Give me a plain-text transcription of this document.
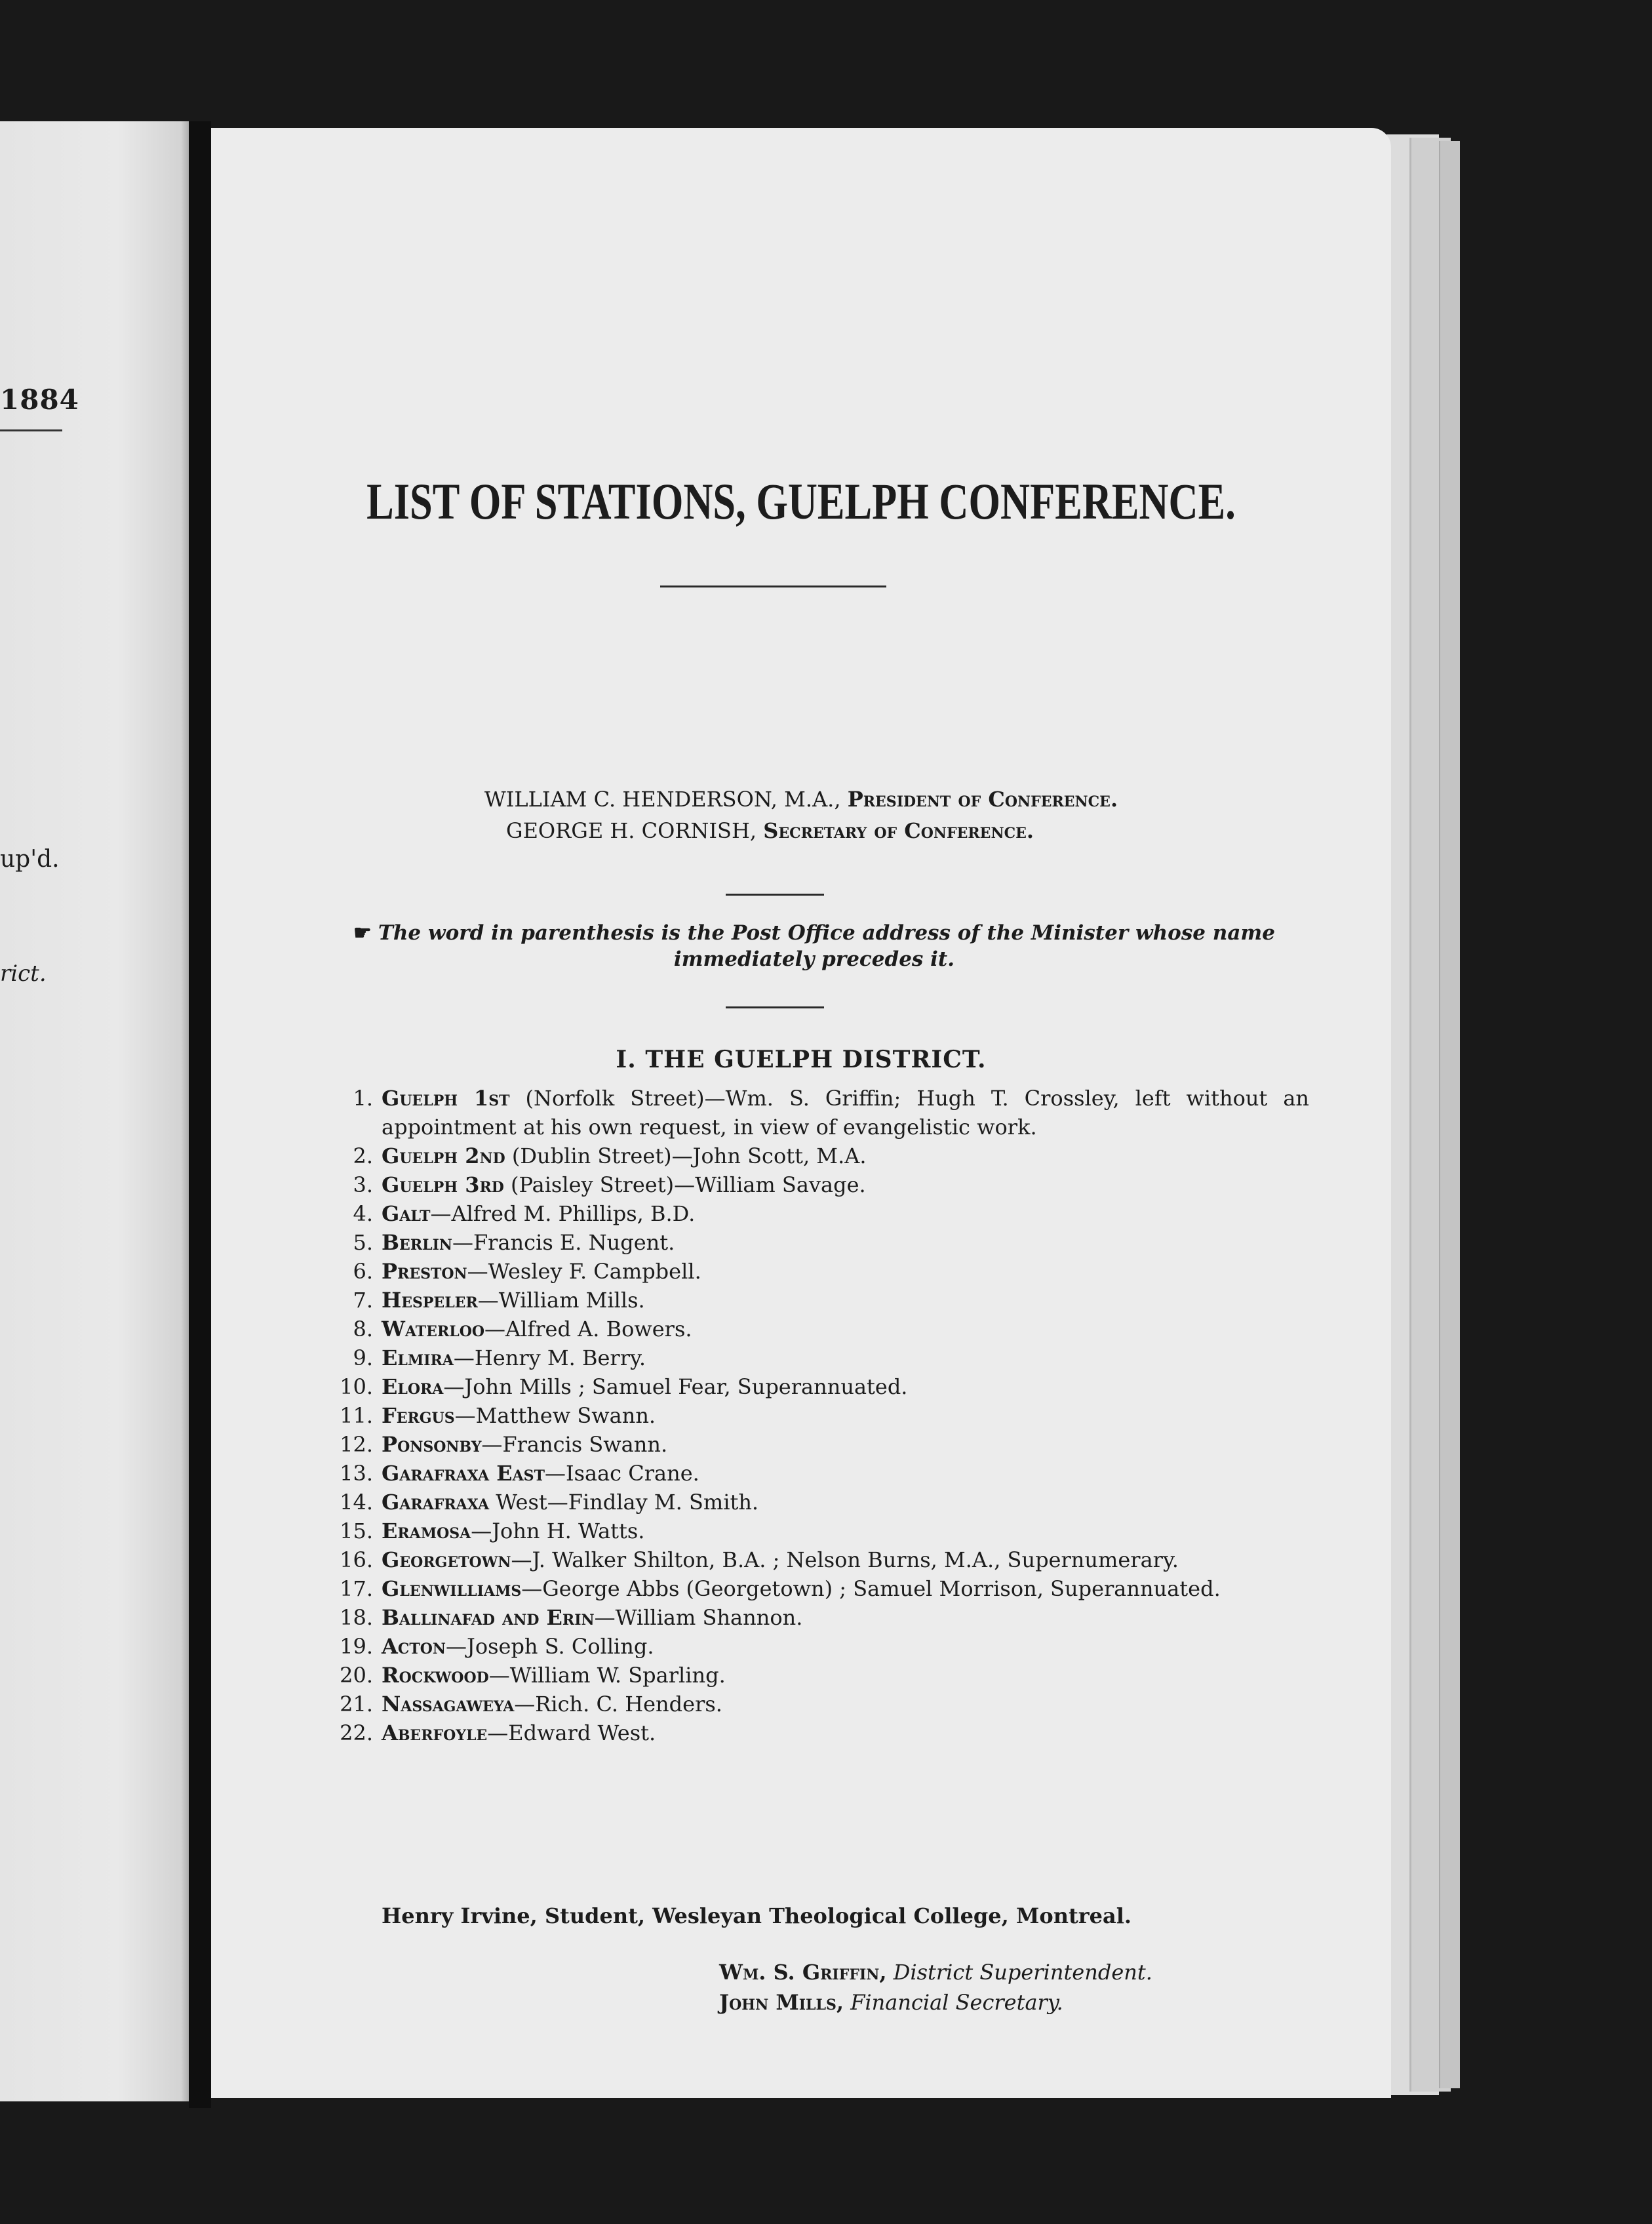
1884
up'd.
rict.
LIST OF STATIONS, GUELPH CONFERENCE.
WILLIAM C. HENDERSON, M.A., President of Conference.
GEORGE H. CORNISH, Secretary of Conference.
☛ The word in parenthesis is the Post Office address of the Minister whose name immediately precedes it.
I. THE GUELPH DISTRICT.
1. Guelph 1st (Norfolk Street)—Wm. S. Griffin; Hugh T. Crossley, left without an appointment at his own request, in view of evangelistic work.
2. Guelph 2nd (Dublin Street)—John Scott, M.A.
3. Guelph 3rd (Paisley Street)—William Savage.
4. Galt—Alfred M. Phillips, B.D.
5. Berlin—Francis E. Nugent.
6. Preston—Wesley F. Campbell.
7. Hespeler—William Mills.
8. Waterloo—Alfred A. Bowers.
9. Elmira—Henry M. Berry.
10. Elora—John Mills ; Samuel Fear, Superannuated.
11. Fergus—Matthew Swann.
12. Ponsonby—Francis Swann.
13. Garafraxa East—Isaac Crane.
14. Garafraxa West—Findlay M. Smith.
15. Eramosa—John H. Watts.
16. Georgetown—J. Walker Shilton, B.A. ; Nelson Burns, M.A., Supernumerary.
17. Glenwilliams—George Abbs (Georgetown) ; Samuel Morrison, Superannuated.
18. Ballinafad and Erin—William Shannon.
19. Acton—Joseph S. Colling.
20. Rockwood—William W. Sparling.
21. Nassagaweya—Rich. C. Henders.
22. Aberfoyle—Edward West.
Henry Irvine, Student, Wesleyan Theological College, Montreal.
Wm. S. Griffin, District Superintendent.
John Mills, Financial Secretary.
